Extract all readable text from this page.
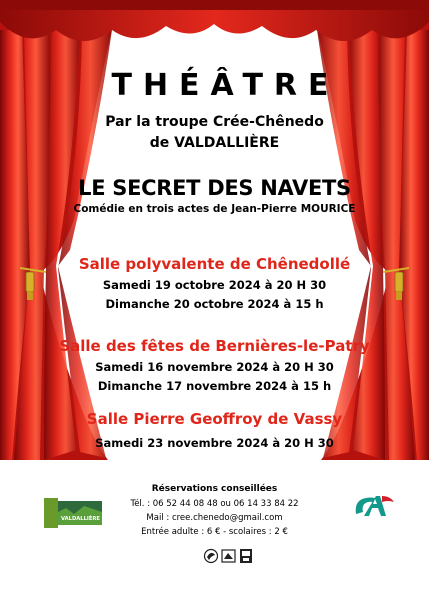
THÉÂTRE
Par la troupe Crée-Chênedo
de VALDALLIÈRE
LE SECRET DES NAVETS
Comédie en trois actes de Jean-Pierre MOURICE
Salle polyvalente de Chênedollé
Samedi 19 octobre 2024 à 20 H 30
Dimanche 20 octobre 2024 à 15 h
Salle des fêtes de Bernières-le-Patry
Samedi 16 novembre 2024 à 20 H 30
Dimanche 17 novembre 2024 à 15 h
Salle Pierre Geoffroy de Vassy
Samedi 23 novembre 2024 à 20 H 30
Réservations conseillées
Tél. : 06 52 44 08 48 ou 06 14 33 84 22
Mail : cree.chenedo@gmail.com
Entrée adulte : 6 € - scolaires : 2 €
VALDALLIÈRE
CA
